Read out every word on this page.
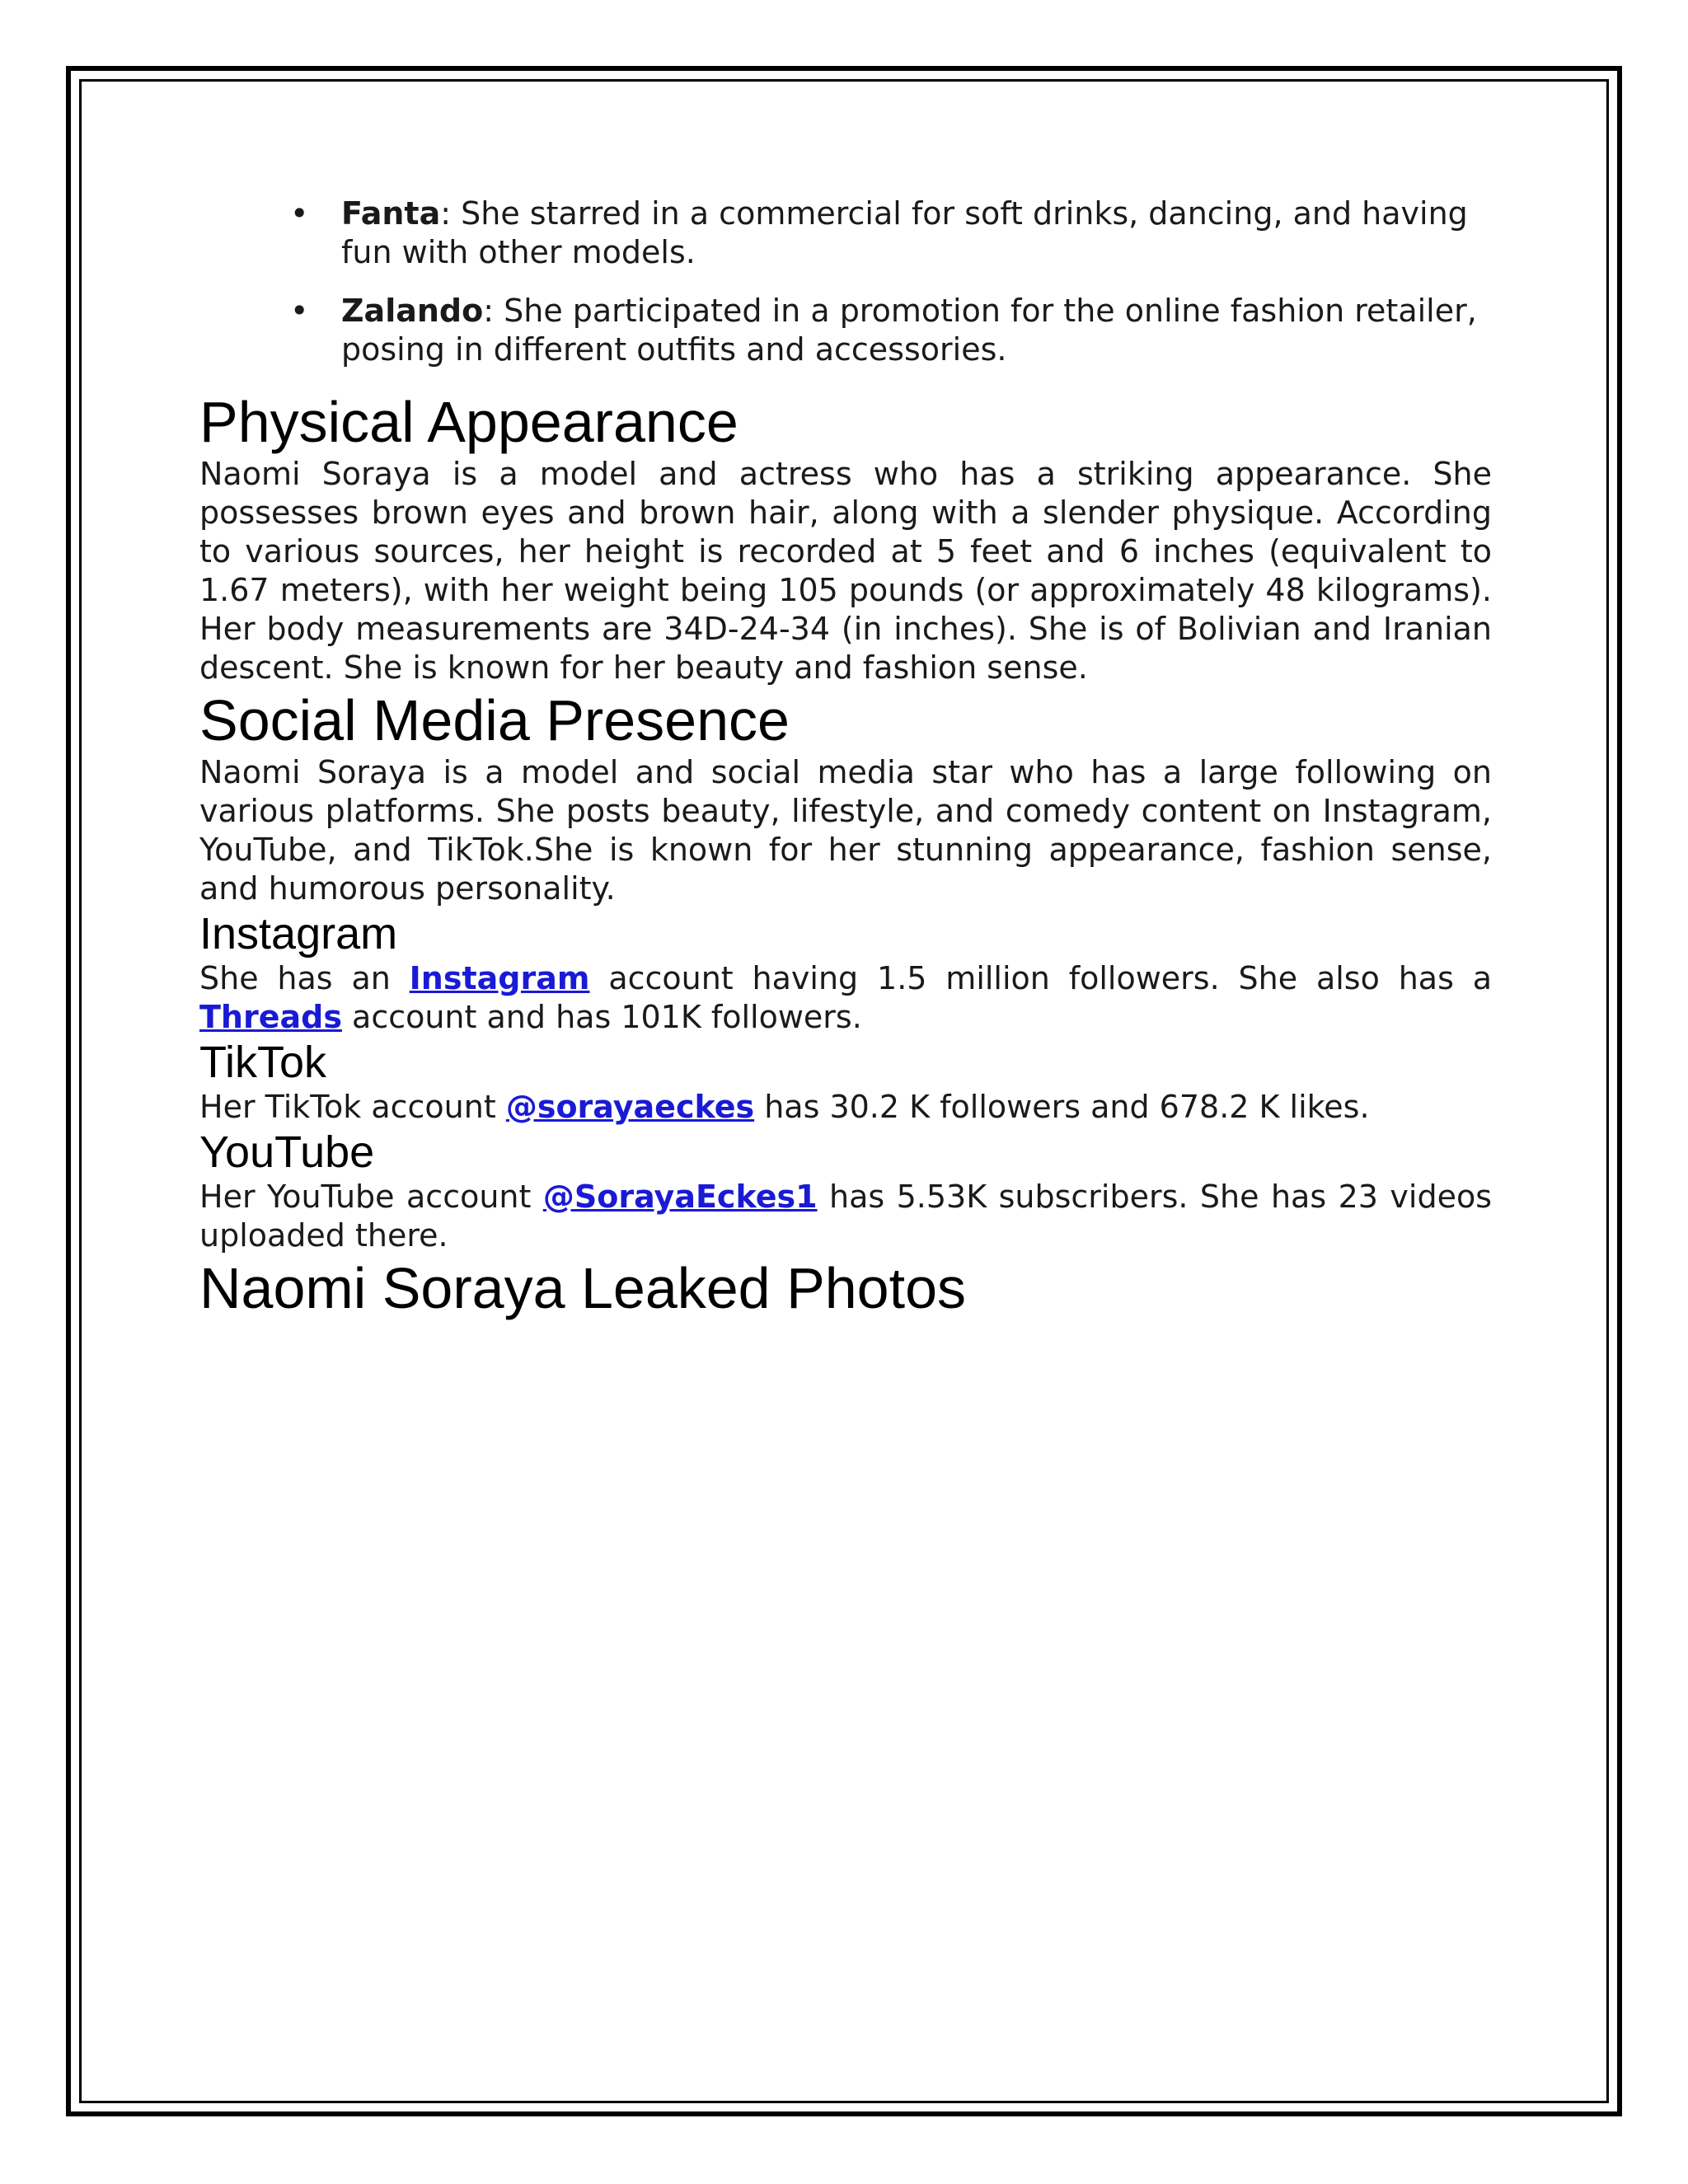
• Fanta: She starred in a commercial for soft drinks, dancing, and having fun with other models.
• Zalando: She participated in a promotion for the online fashion retailer, posing in different outfits and accessories.
Physical Appearance

Naomi Soraya is a model and actress who has a striking appearance. She possesses brown eyes and brown hair, along with a slender physique. According to various sources, her height is recorded at 5 feet and 6 inches (equivalent to 1.67 meters), with her weight being 105 pounds (or approximately 48 kilograms). Her body measurements are 34D-24-34 (in inches). She is of Bolivian and Iranian descent. She is known for her beauty and fashion sense.

Social Media Presence

Naomi Soraya is a model and social media star who has a large following on various platforms. She posts beauty, lifestyle, and comedy content on Instagram, YouTube, and TikTok.She is known for her stunning appearance, fashion sense, and humorous personality.

Instagram

She has an Instagram account having 1.5 million followers. She also has a Threads account and has 101K followers.

TikTok

Her TikTok account @sorayaeckes has 30.2 K followers and 678.2 K likes.

YouTube

Her YouTube account @SorayaEckes1 has 5.53K subscribers. She has 23 videos uploaded there.

Naomi Soraya Leaked Photos
